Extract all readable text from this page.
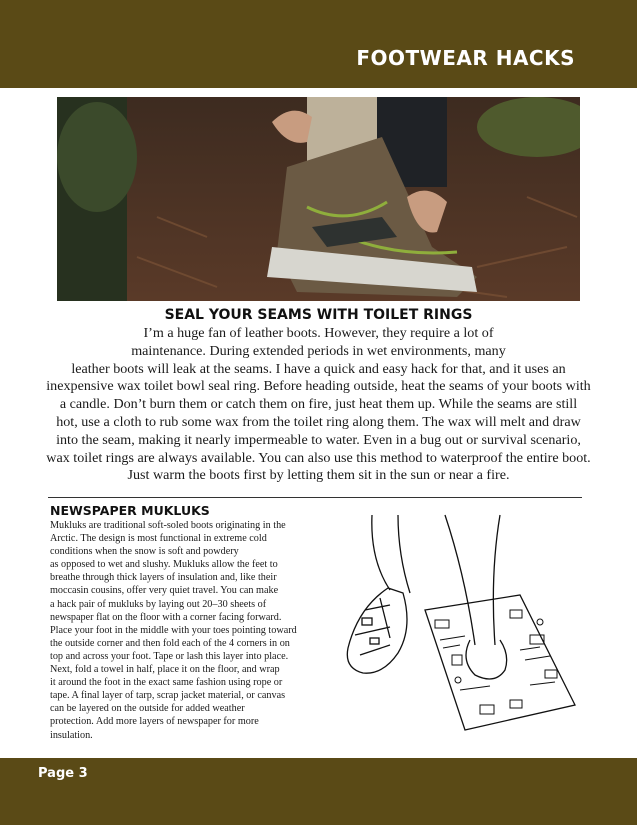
FOOTWEAR HACKS
SEAL YOUR SEAMS WITH TOILET RINGS
I’m a huge fan of leather boots. However, they require a lot of
maintenance. During extended periods in wet environments, many
leather boots will leak at the seams. I have a quick and easy hack for that, and it uses an
inexpensive wax toilet bowl seal ring. Before heading outside, heat the seams of your boots with
a candle. Don’t burn them or catch them on fire, just heat them up. While the seams are still
hot, use a cloth to rub some wax from the toilet ring along them. The wax will melt and draw
into the seam, making it nearly impermeable to water. Even in a bug out or survival scenario,
wax toilet rings are always available. You can also use this method to waterproof the entire boot.
Just warm the boots first by letting them sit in the sun or near a fire.
NEWSPAPER MUKLUKS
Mukluks are traditional soft-soled boots originating in the
Arctic. The design is most functional in extreme cold
conditions when the snow is soft and powdery
as opposed to wet and slushy. Mukluks allow the feet to
breathe through thick layers of insulation and, like their
moccasin cousins, offer very quiet travel. You can make
a hack pair of mukluks by laying out 20–30 sheets of
newspaper flat on the floor with a corner facing forward.
Place your foot in the middle with your toes pointing toward
the outside corner and then fold each of the 4 corners in on
top and across your foot. Tape or lash this layer into place.
Next, fold a towel in half, place it on the floor, and wrap
it around the foot in the exact same fashion using rope or
tape. A final layer of tarp, scrap jacket material, or canvas
can be layered on the outside for added weather
protection. Add more layers of newspaper for more
insulation.
Page 3
